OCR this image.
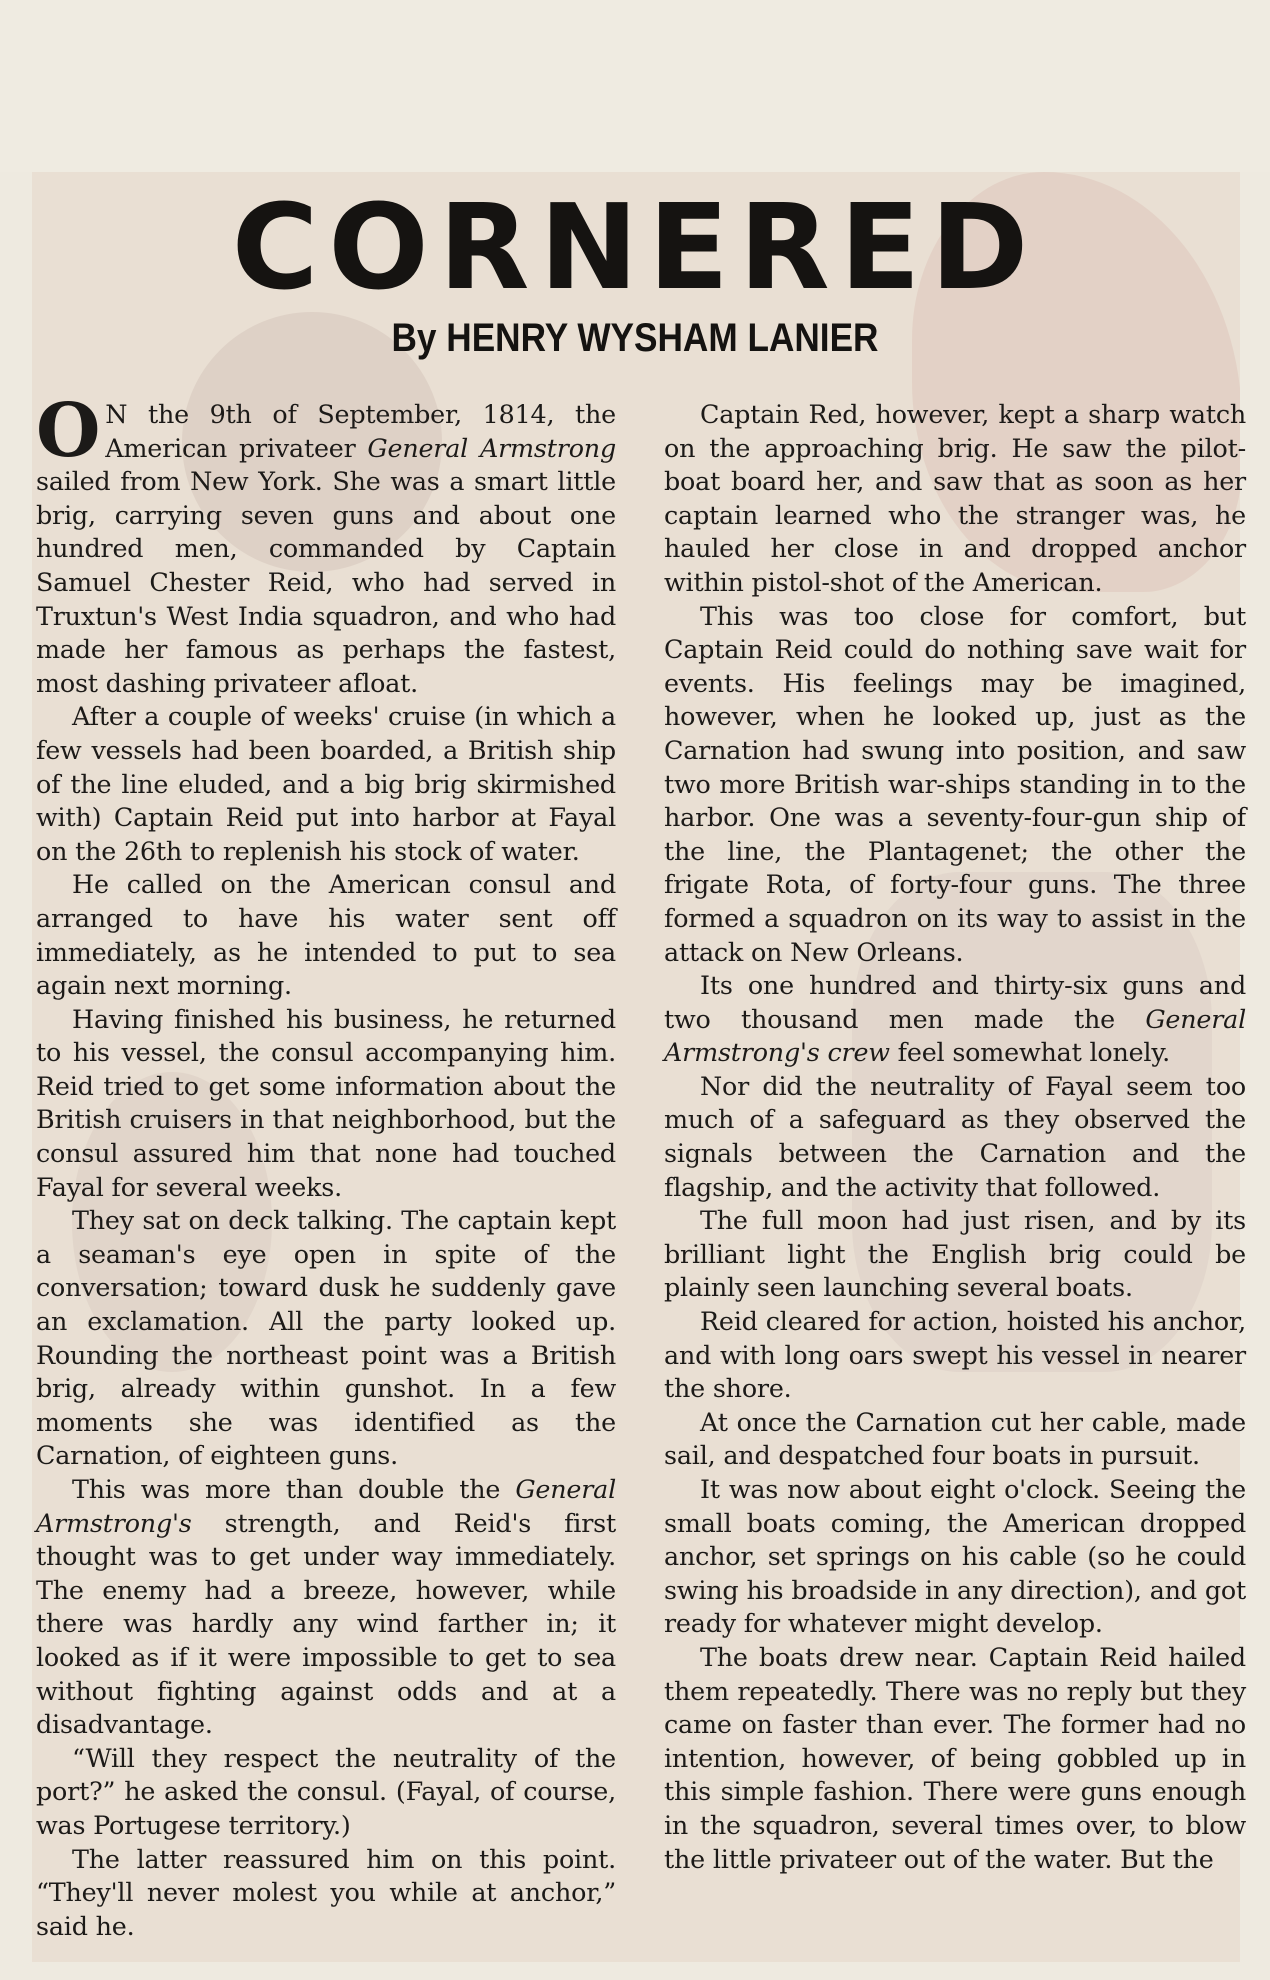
CORNERED
By HENRY WYSHAM LANIER

O N the 9th of September, 1814, the American privateer General Armstrong sailed from New York. She was a smart little brig, carrying seven guns and about one hundred men, commanded by Captain Samuel Chester Reid, who had served in Truxtun's West India squadron, and who had made her famous as perhaps the fastest, most dashing privateer afloat.

After a couple of weeks' cruise (in which a few vessels had been boarded, a British ship of the line eluded, and a big brig skirmished with) Captain Reid put into harbor at Fayal on the 26th to replenish his stock of water.

He called on the American consul and arranged to have his water sent off immediately, as he intended to put to sea again next morning.

Having finished his business, he returned to his vessel, the consul accompanying him. Reid tried to get some information about the British cruisers in that neighborhood, but the consul assured him that none had touched Fayal for several weeks.

They sat on deck talking. The captain kept a seaman's eye open in spite of the conversation; toward dusk he suddenly gave an exclamation. All the party looked up. Rounding the northeast point was a British brig, already within gunshot. In a few moments she was identified as the Carnation, of eighteen guns.

This was more than double the General Armstrong's strength, and Reid's first thought was to get under way immediately. The enemy had a breeze, however, while there was hardly any wind farther in; it looked as if it were impossible to get to sea without fighting against odds and at a disadvantage.

“Will they respect the neutrality of the port?” he asked the consul. (Fayal, of course, was Portugese territory.)

The latter reassured him on this point. “They'll never molest you while at anchor,” said he.

Captain Red, however, kept a sharp watch on the approaching brig. He saw the pilot-boat board her, and saw that as soon as her captain learned who the stranger was, he hauled her close in and dropped anchor within pistol-shot of the American.

This was too close for comfort, but Captain Reid could do nothing save wait for events. His feelings may be imagined, however, when he looked up, just as the Carnation had swung into position, and saw two more British war-ships standing in to the harbor. One was a seventy-four-gun ship of the line, the Plantagenet; the other the frigate Rota, of forty-four guns. The three formed a squadron on its way to assist in the attack on New Orleans.

Its one hundred and thirty-six guns and two thousand men made the General Armstrong's crew feel somewhat lonely.

Nor did the neutrality of Fayal seem too much of a safeguard as they observed the signals between the Carnation and the flagship, and the activity that followed.

The full moon had just risen, and by its brilliant light the English brig could be plainly seen launching several boats.

Reid cleared for action, hoisted his anchor, and with long oars swept his vessel in nearer the shore.

At once the Carnation cut her cable, made sail, and despatched four boats in pursuit.

It was now about eight o'clock. Seeing the small boats coming, the American dropped anchor, set springs on his cable (so he could swing his broadside in any direction), and got ready for whatever might develop.

The boats drew near. Captain Reid hailed them repeatedly. There was no reply but they came on faster than ever. The former had no intention, however, of being gobbled up in this simple fashion. There were guns enough in the squadron, several times over, to blow the little privateer out of the water. But the
